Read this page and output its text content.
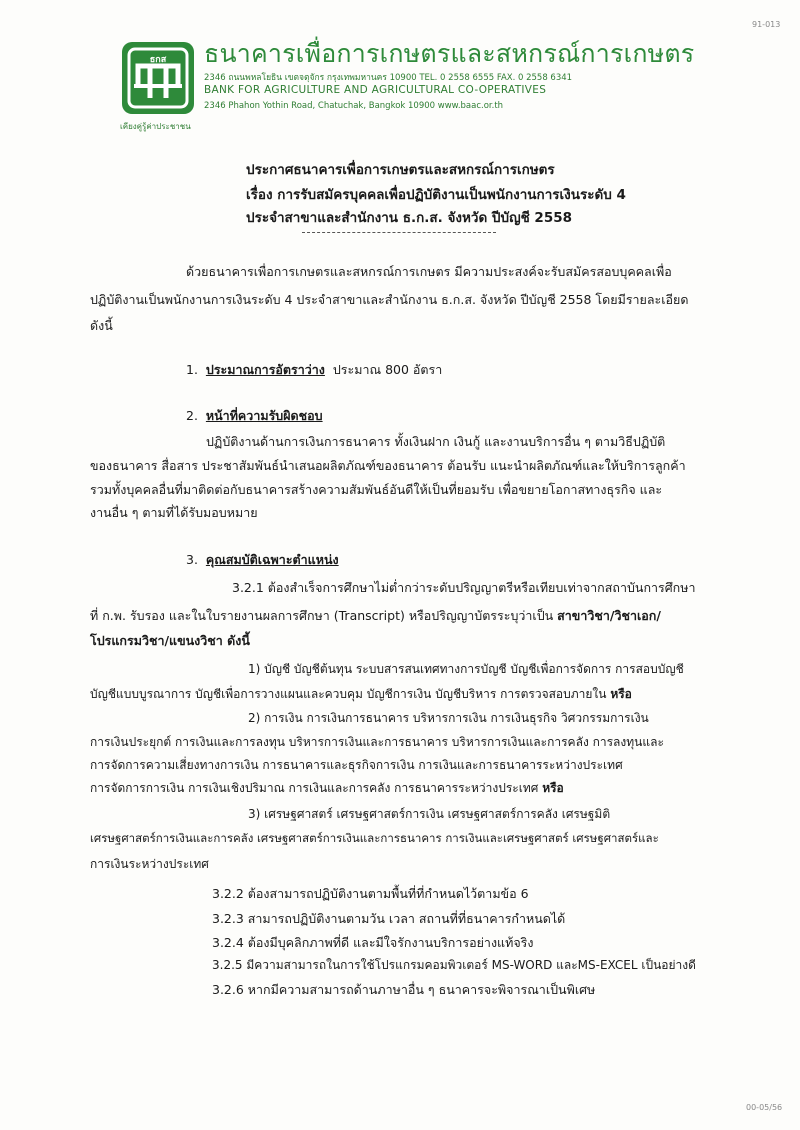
91-013
ธกส
เคียงคู่รู้ค่าประชาชน
ธนาคารเพื่อการเกษตรและสหกรณ์การเกษตร
2346 ถนนพหลโยธิน เขตจตุจักร กรุงเทพมหานคร 10900 TEL. 0 2558 6555 FAX. 0 2558 6341
BANK FOR AGRICULTURE AND AGRICULTURAL CO-OPERATIVES
2346 Phahon Yothin Road, Chatuchak, Bangkok 10900 www.baac.or.th
ประกาศธนาคารเพื่อการเกษตรและสหกรณ์การเกษตร
เรื่อง การรับสมัครบุคคลเพื่อปฏิบัติงานเป็นพนักงานการเงินระดับ 4
ประจำสาขาและสำนักงาน ธ.ก.ส. จังหวัด ปีบัญชี 2558
ด้วยธนาคารเพื่อการเกษตรและสหกรณ์การเกษตร มีความประสงค์จะรับสมัครสอบบุคคลเพื่อ
ปฏิบัติงานเป็นพนักงานการเงินระดับ 4 ประจำสาขาและสำนักงาน ธ.ก.ส. จังหวัด ปีบัญชี 2558 โดยมีรายละเอียด
ดังนี้
1. ประมาณการอัตราว่าง ประมาณ 800 อัตรา
2. หน้าที่ความรับผิดชอบ
ปฏิบัติงานด้านการเงินการธนาคาร ทั้งเงินฝาก เงินกู้ และงานบริการอื่น ๆ ตามวิธีปฏิบัติ
ของธนาคาร สื่อสาร ประชาสัมพันธ์นำเสนอผลิตภัณฑ์ของธนาคาร ต้อนรับ แนะนำผลิตภัณฑ์และให้บริการลูกค้า
รวมทั้งบุคคลอื่นที่มาติดต่อกับธนาคารสร้างความสัมพันธ์อันดีให้เป็นที่ยอมรับ เพื่อขยายโอกาสทางธุรกิจ และ
งานอื่น ๆ ตามที่ได้รับมอบหมาย
3. คุณสมบัติเฉพาะตำแหน่ง
3.2.1 ต้องสำเร็จการศึกษาไม่ต่ำกว่าระดับปริญญาตรีหรือเทียบเท่าจากสถาบันการศึกษา
ที่ ก.พ. รับรอง และในใบรายงานผลการศึกษา (Transcript) หรือปริญญาบัตรระบุว่าเป็น สาขาวิชา/วิชาเอก/
โปรแกรมวิชา/แขนงวิชา ดังนี้
1) บัญชี บัญชีต้นทุน ระบบสารสนเทศทางการบัญชี บัญชีเพื่อการจัดการ การสอบบัญชี
บัญชีแบบบูรณาการ บัญชีเพื่อการวางแผนและควบคุม บัญชีการเงิน บัญชีบริหาร การตรวจสอบภายใน หรือ
2) การเงิน การเงินการธนาคาร บริหารการเงิน การเงินธุรกิจ วิศวกรรมการเงิน
การเงินประยุกต์ การเงินและการลงทุน บริหารการเงินและการธนาคาร บริหารการเงินและการคลัง การลงทุนและ
การจัดการความเสี่ยงทางการเงิน การธนาคารและธุรกิจการเงิน การเงินและการธนาคารระหว่างประเทศ
การจัดการการเงิน การเงินเชิงปริมาณ การเงินและการคลัง การธนาคารระหว่างประเทศ หรือ
3) เศรษฐศาสตร์ เศรษฐศาสตร์การเงิน เศรษฐศาสตร์การคลัง เศรษฐมิติ
เศรษฐศาสตร์การเงินและการคลัง เศรษฐศาสตร์การเงินและการธนาคาร การเงินและเศรษฐศาสตร์ เศรษฐศาสตร์และ
การเงินระหว่างประเทศ
3.2.2 ต้องสามารถปฏิบัติงานตามพื้นที่ที่กำหนดไว้ตามข้อ 6
3.2.3 สามารถปฏิบัติงานตามวัน เวลา สถานที่ที่ธนาคารกำหนดได้
3.2.4 ต้องมีบุคลิกภาพที่ดี และมีใจรักงานบริการอย่างแท้จริง
3.2.5 มีความสามารถในการใช้โปรแกรมคอมพิวเตอร์ MS-WORD และMS-EXCEL เป็นอย่างดี
3.2.6 หากมีความสามารถด้านภาษาอื่น ๆ ธนาคารจะพิจารณาเป็นพิเศษ
00-05/56
